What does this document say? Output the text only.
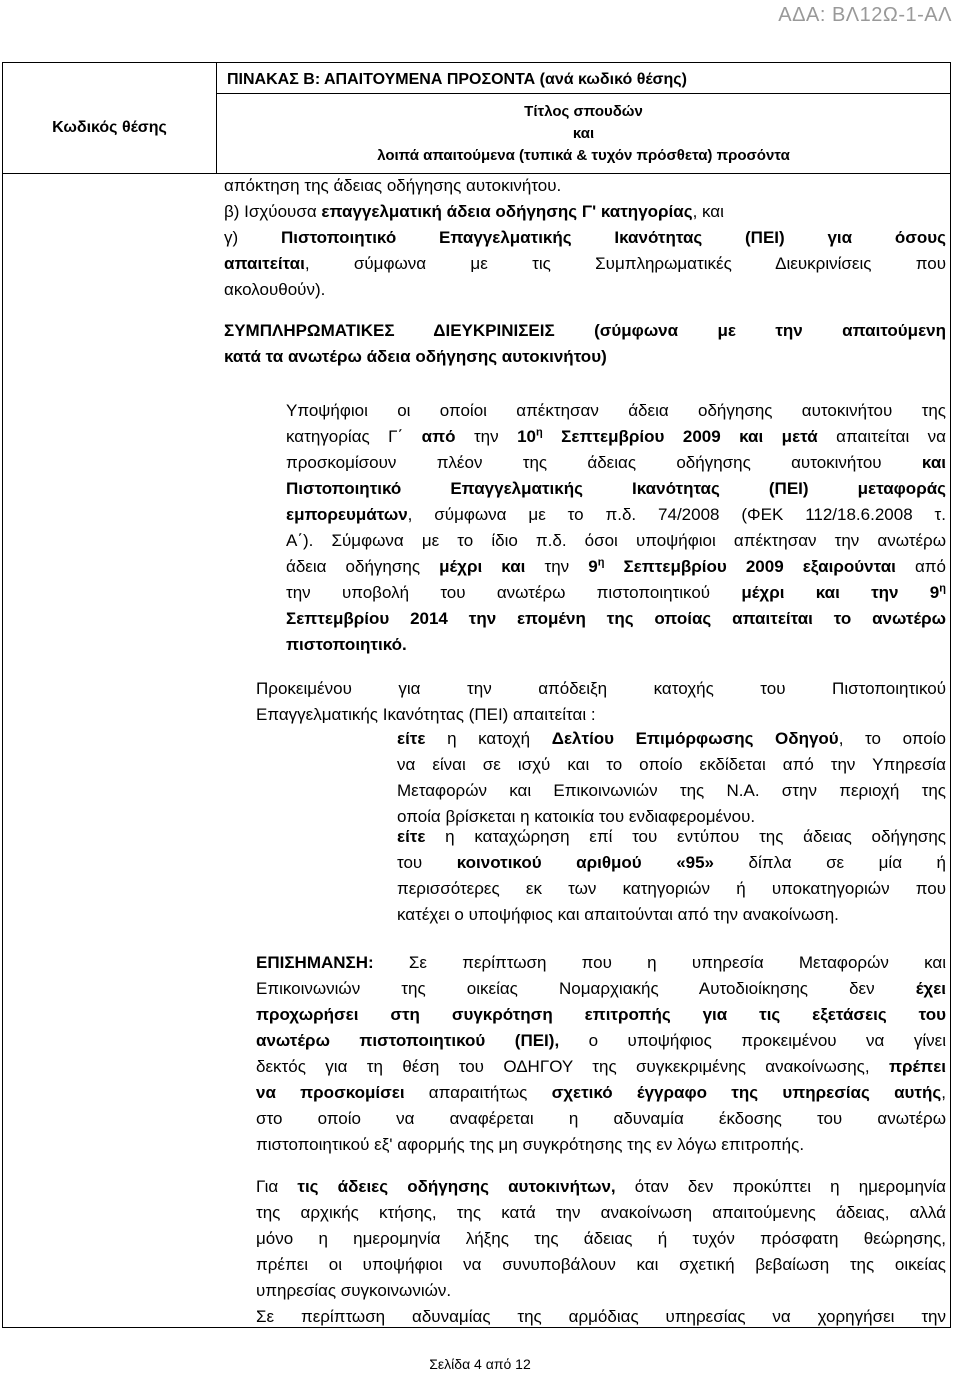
ΑΔΑ: ΒΛ12Ω-1-ΑΛ
ΠΙΝΑΚΑΣ Β: ΑΠΑΙΤΟΥΜΕΝΑ ΠΡΟΣΟΝΤΑ (ανά κωδικό θέσης)
Κωδικός θέσης
Τίτλος σπουδών
και
λοιπά απαιτούμενα (τυπικά & τυχόν πρόσθετα) προσόντα
απόκτηση της άδειας οδήγησης αυτοκινήτου.
β) Ισχύουσα επαγγελματική άδεια οδήγησης Γ' κατηγορίας, και
γ) Πιστοποιητικό Επαγγελματικής Ικανότητας (ΠΕΙ) για όσους
απαιτείται, σύμφωνα με τις Συμπληρωματικές Διευκρινίσεις που
ακολουθούν).
ΣΥΜΠΛΗΡΩΜΑΤΙΚΕΣ ΔΙΕΥΚΡΙΝΙΣΕΙΣ (σύμφωνα με την απαιτούμενη
κατά τα ανωτέρω άδεια οδήγησης αυτοκινήτου)
Υποψήφιοι οι οποίοι απέκτησαν άδεια οδήγησης αυτοκινήτου της
κατηγορίας Γ΄ από την $10^\eta$ Σεπτεμβρίου 2009 και μετά απαιτείται να
προσκομίσουν πλέον της άδειας οδήγησης αυτοκινήτου και
Πιστοποιητικό Επαγγελματικής Ικανότητας (ΠΕΙ) μεταφοράς
εμπορευμάτων, σύμφωνα με το π.δ. 74/2008 (ΦΕΚ 112/18.6.2008 τ.
Α΄). Σύμφωνα με το ίδιο π.δ. όσοι υποψήφιοι απέκτησαν την ανωτέρω
άδεια οδήγησης μέχρι και την $9^\eta$ Σεπτεμβρίου 2009 εξαιρούνται από
την υποβολή του ανωτέρω πιστοποιητικού μέχρι και την $9^\eta$
Σεπτεμβρίου 2014 την επομένη της οποίας απαιτείται το ανωτέρω
πιστοποιητικό.
Προκειμένου για την απόδειξη κατοχής του Πιστοποιητικού
Επαγγελματικής Ικανότητας (ΠΕΙ) απαιτείται :
είτε η κατοχή Δελτίου Επιμόρφωσης Οδηγού, το οποίο
να είναι σε ισχύ και το οποίο εκδίδεται από την Υπηρεσία
Μεταφορών και Επικοινωνιών της Ν.Α. στην περιοχή της
οποία βρίσκεται η κατοικία του ενδιαφερομένου.
είτε η καταχώρηση επί του εντύπου της άδειας οδήγησης
του κοινοτικού αριθμού «95» δίπλα σε μία ή
περισσότερες εκ των κατηγοριών ή υποκατηγοριών που
κατέχει ο υποψήφιος και απαιτούνται από την ανακοίνωση.
ΕΠΙΣΗΜΑΝΣΗ: Σε περίπτωση που η υπηρεσία Μεταφορών και
Επικοινωνιών της οικείας Νομαρχιακής Αυτοδιοίκησης δεν έχει
προχωρήσει στη συγκρότηση επιτροπής για τις εξετάσεις του
ανωτέρω πιστοποιητικού (ΠΕΙ), ο υποψήφιος προκειμένου να γίνει
δεκτός για τη θέση του ΟΔΗΓΟΥ της συγκεκριμένης ανακοίνωσης, πρέπει
να προσκομίσει απαραιτήτως σχετικό έγγραφο της υπηρεσίας αυτής,
στο οποίο να αναφέρεται η αδυναμία έκδοσης του ανωτέρω
πιστοποιητικού εξ' αφορμής της μη συγκρότησης της εν λόγω επιτροπής.
Για τις άδειες οδήγησης αυτοκινήτων, όταν δεν προκύπτει η ημερομηνία
της αρχικής κτήσης, της κατά την ανακοίνωση απαιτούμενης άδειας, αλλά
μόνο η ημερομηνία λήξης της άδειας ή τυχόν πρόσφατη θεώρησης,
πρέπει οι υποψήφιοι να συνυποβάλουν και σχετική βεβαίωση της οικείας
υπηρεσίας συγκοινωνιών.
Σε περίπτωση αδυναμίας της αρμόδιας υπηρεσίας να χορηγήσει την
Σελίδα 4 από 12
